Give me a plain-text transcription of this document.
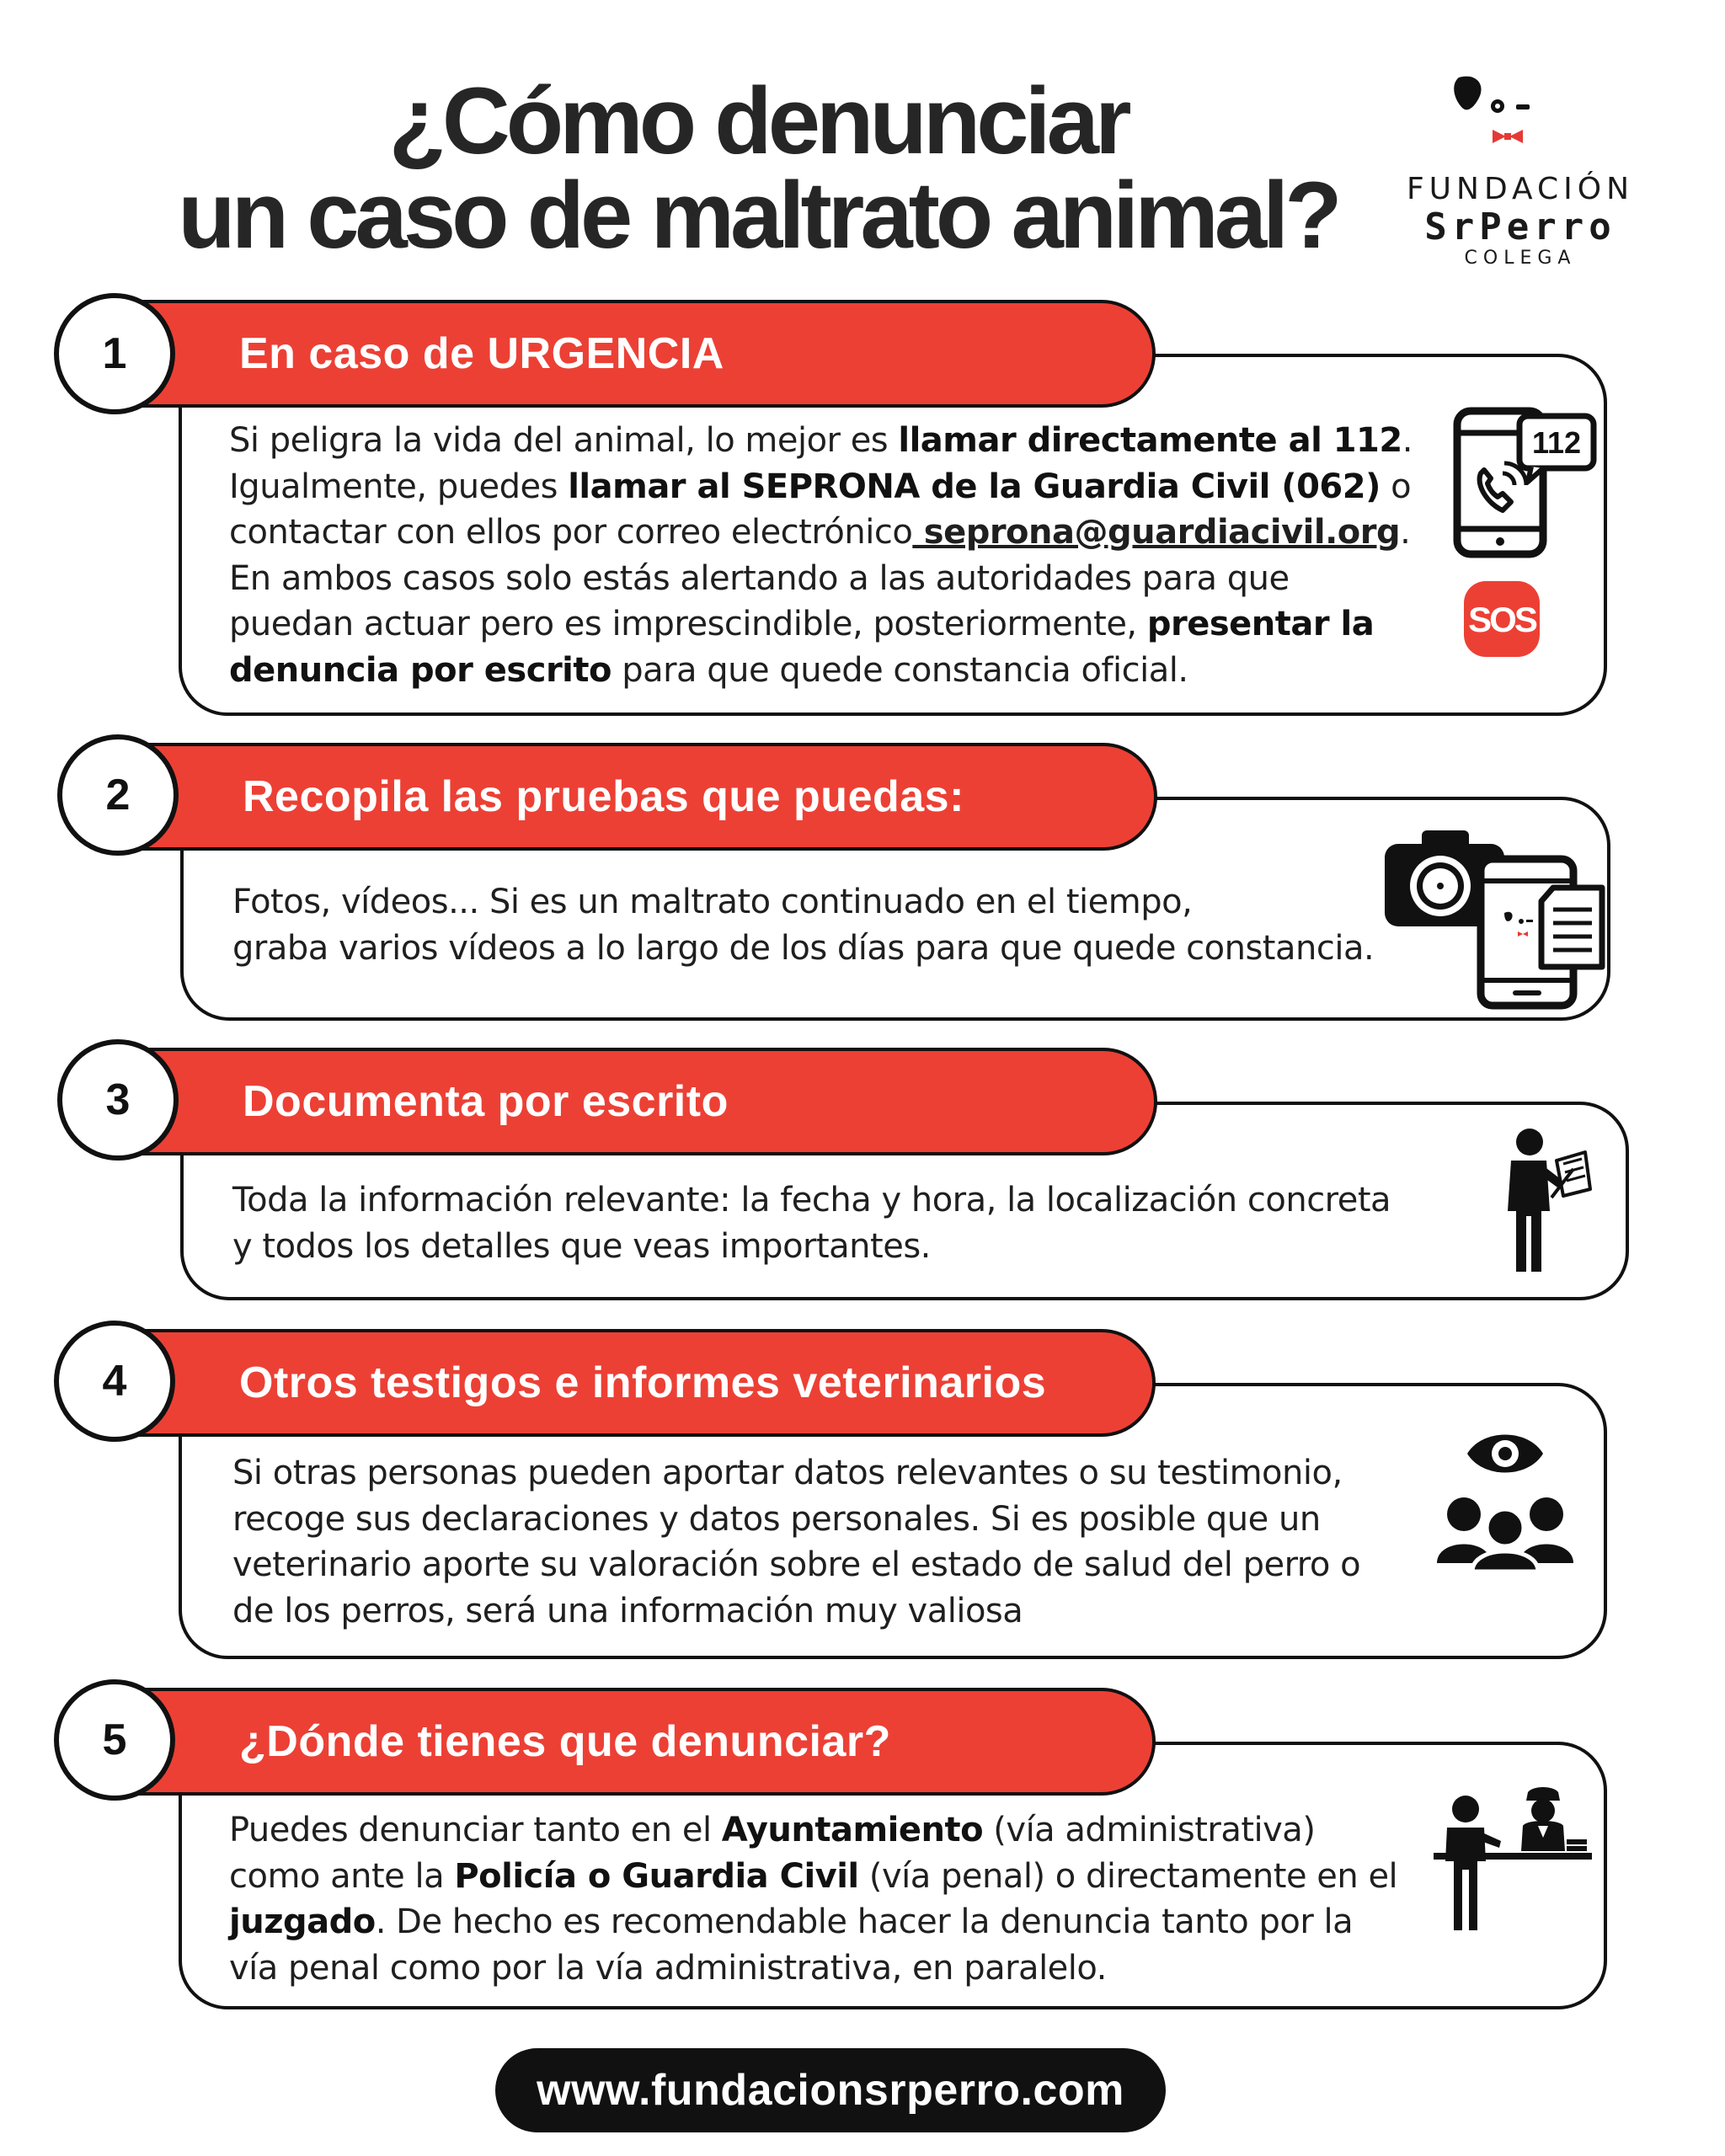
¿Cómo denunciar
un caso de maltrato animal?	FUNDACIÓN
SrPerro
COLEGA
En caso de URGENCIA
1
Si peligra la vida del animal, lo mejor es llamar directamente al 112.
Igualmente, puedes llamar al SEPRONA de la Guardia Civil (062) o
contactar con ellos por correo electrónico seprona@guardiacivil.org.
En ambos casos solo estás alertando a las autoridades para que
puedan actuar pero es imprescindible, posteriormente, presentar la
denuncia por escrito para que quede constancia oficial.
112
SOS
Recopila las pruebas que puedas:
2
Fotos, vídeos... Si es un maltrato continuado en el tiempo,
graba varios vídeos a lo largo de los días para que quede constancia.
Documenta por escrito
3
Toda la información relevante: la fecha y hora, la localización concreta
y todos los detalles que veas importantes.
Otros testigos e informes veterinarios
4
Si otras personas pueden aportar datos relevantes o su testimonio,
recoge sus declaraciones y datos personales. Si es posible que un
veterinario aporte su valoración sobre el estado de salud del perro o
de los perros, será una información muy valiosa
¿Dónde tienes que denunciar?
5
Puedes denunciar tanto en el Ayuntamiento (vía administrativa)
como ante la Policía o Guardia Civil (vía penal) o directamente en el
juzgado. De hecho es recomendable hacer la denuncia tanto por la
vía penal como por la vía administrativa, en paralelo.
www.fundacionsrperro.com
